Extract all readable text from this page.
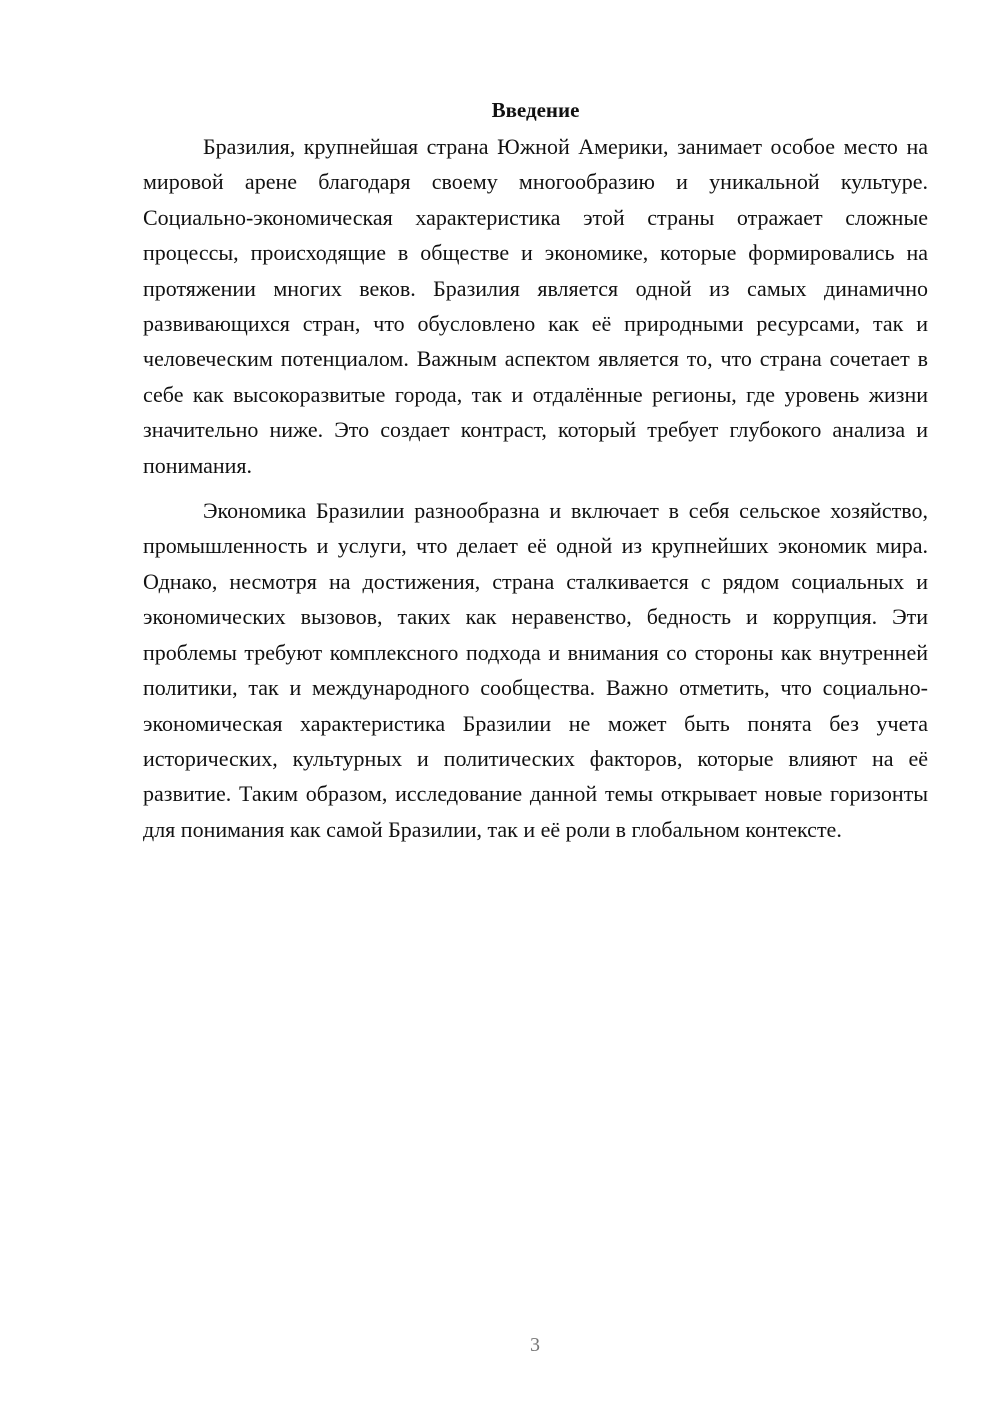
Введение

Бразилия, крупнейшая страна Южной Америки, занимает особое место на мировой арене благодаря своему многообразию и уникальной культуре. Социально-экономическая характеристика этой страны отражает сложные процессы, происходящие в обществе и экономике, которые формировались на протяжении многих веков. Бразилия является одной из самых динамично развивающихся стран, что обусловлено как её природными ресурсами, так и человеческим потенциалом. Важным аспектом является то, что страна сочетает в себе как высокоразвитые города, так и отдалённые регионы, где уровень жизни значительно ниже. Это создает контраст, который требует глубокого анализа и понимания.

Экономика Бразилии разнообразна и включает в себя сельское хозяйство, промышленность и услуги, что делает её одной из крупнейших экономик мира. Однако, несмотря на достижения, страна сталкивается с рядом социальных и экономических вызовов, таких как неравенство, бедность и коррупция. Эти проблемы требуют комплексного подхода и внимания со стороны как внутренней политики, так и международного сообщества. Важно отметить, что социально-экономическая характеристика Бразилии не может быть понята без учета исторических, культурных и политических факторов, которые влияют на её развитие. Таким образом, исследование данной темы открывает новые горизонты для понимания как самой Бразилии, так и её роли в глобальном контексте.

3
